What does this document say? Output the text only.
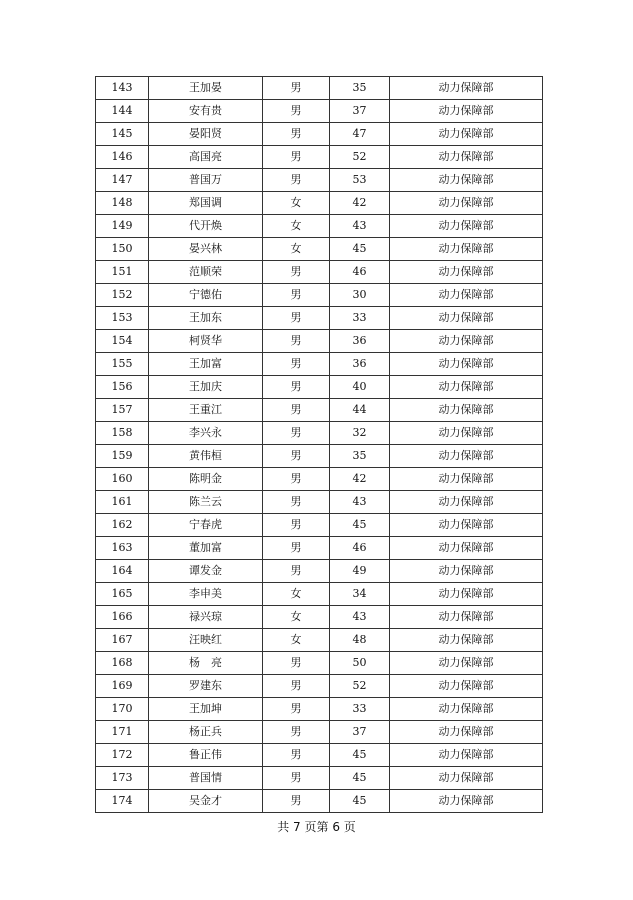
143	王加晏	男	35	动力保障部
144	安有贵	男	37	动力保障部
145	晏阳贤	男	47	动力保障部
146	高国亮	男	52	动力保障部
147	普国万	男	53	动力保障部
148	郑国调	女	42	动力保障部
149	代开焕	女	43	动力保障部
150	晏兴林	女	45	动力保障部
151	范顺荣	男	46	动力保障部
152	宁德佑	男	30	动力保障部
153	王加东	男	33	动力保障部
154	柯贤华	男	36	动力保障部
155	王加富	男	36	动力保障部
156	王加庆	男	40	动力保障部
157	王重江	男	44	动力保障部
158	李兴永	男	32	动力保障部
159	黄伟桓	男	35	动力保障部
160	陈明金	男	42	动力保障部
161	陈兰云	男	43	动力保障部
162	宁春虎	男	45	动力保障部
163	董加富	男	46	动力保障部
164	谭发金	男	49	动力保障部
165	李申美	女	34	动力保障部
166	禄兴琼	女	43	动力保障部
167	汪映红	女	48	动力保障部
168	杨　亮	男	50	动力保障部
169	罗建东	男	52	动力保障部
170	王加坤	男	33	动力保障部
171	杨正兵	男	37	动力保障部
172	鲁正伟	男	45	动力保障部
173	普国情	男	45	动力保障部
174	吴金才	男	45	动力保障部
共 7 页第 6 页
